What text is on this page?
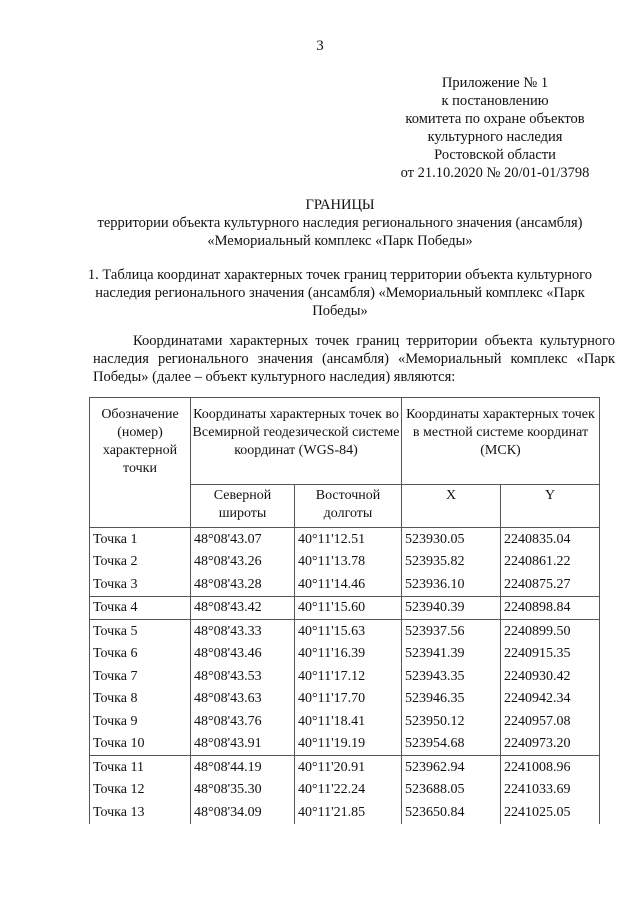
3
Приложение № 1
к постановлению
комитета по охране объектов
культурного наследия
Ростовской области
от 21.10.2020 № 20/01-01/3798
ГРАНИЦЫ
территории объекта культурного наследия регионального значения (ансамбля)
«Мемориальный комплекс «Парк Победы»
1. Таблица координат характерных точек границ территории объекта культурного наследия регионального значения (ансамбля) «Мемориальный комплекс «Парк Победы»
Координатами характерных точек границ территории объекта культурного наследия регионального значения (ансамбля) «Мемориальный комплекс «Парк Победы» (далее – объект культурного наследия) являются:
Обозначение (номер) характерной точки	Координаты характерных точек во Всемирной геодезической системе координат (WGS-84)		Координаты характерных точек в местной системе координат (МСК)	
	Северной широты	Восточной долготы	X	Y
Точка 1	48°08'43.07	40°11'12.51	523930.05	2240835.04
Точка 2	48°08'43.26	40°11'13.78	523935.82	2240861.22
Точка 3	48°08'43.28	40°11'14.46	523936.10	2240875.27
Точка 4	48°08'43.42	40°11'15.60	523940.39	2240898.84
Точка 5	48°08'43.33	40°11'15.63	523937.56	2240899.50
Точка 6	48°08'43.46	40°11'16.39	523941.39	2240915.35
Точка 7	48°08'43.53	40°11'17.12	523943.35	2240930.42
Точка 8	48°08'43.63	40°11'17.70	523946.35	2240942.34
Точка 9	48°08'43.76	40°11'18.41	523950.12	2240957.08
Точка 10	48°08'43.91	40°11'19.19	523954.68	2240973.20
Точка 11	48°08'44.19	40°11'20.91	523962.94	2241008.96
Точка 12	48°08'35.30	40°11'22.24	523688.05	2241033.69
Точка 13	48°08'34.09	40°11'21.85	523650.84	2241025.05
